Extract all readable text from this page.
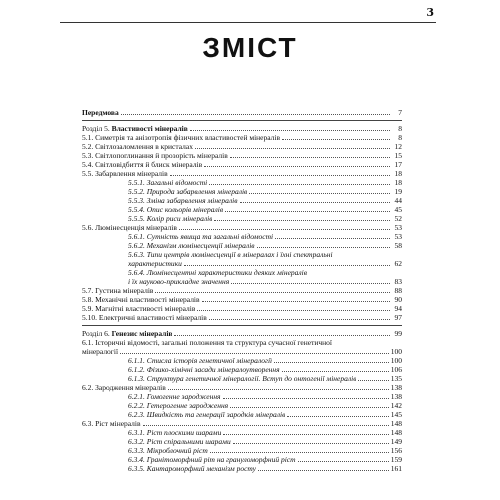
3
ЗМІСТ
Передмова	7
Розділ 5. Властивості мінералів	8
5.1. Симетрія та анізотропія фізичних властивостей мінералів	8
5.2. Світлозаломлення в кристалах	12
5.3. Світлопоглинання й прозорість мінералів	15
5.4. Світловідбиття й блиск мінералів	17
5.5. Забарвлення мінералів	18
5.5.1. Загальні відомості	18
5.5.2. Природа забарвлення мінералів	19
5.5.3. Зміна забарвлення мінералів	44
5.5.4. Опис кольорів мінералів	45
5.5.5. Колір риси мінералів	52
5.6. Люмінесценція мінералів	53
5.6.1. Сутність явища та загальні відомості	53
5.6.2. Механізм люмінесценції мінералів	58
5.6.3. Типи центрів люмінесценції в мінералах і їхні спектральні
характеристики	62
5.6.4. Люмінесцентні характеристики деяких мінералів
і їх науково-прикладне значення	83
5.7. Густина мінералів	88
5.8. Механічні властивості мінералів	90
5.9. Магнітні властивості мінералів	94
5.10. Електричні властивості мінералів	97
Розділ 6. Генезис мінералів	99
6.1. Історичні відомості, загальні положення та структура сучасної генетичної
мінералогії	100
6.1.1. Стисла історія генетичної мінералогії	100
6.1.2. Фізико-хімічні засади мінералоутворення	106
6.1.3. Структура генетичної мінералогії. Вступ до онтогенії мінералів	135
6.2. Зародження мінералів	138
6.2.1. Гомогенне зародження	138
6.2.2. Гетерогенне зародження	142
6.2.3. Швидкість та генерації зародків мінералів	145
6.3. Ріст мінералів	148
6.3.1. Ріст плоскими шарами	148
6.3.2. Ріст спіральними шарами	149
6.3.3. Мікроблочний ріст	156
6.3.4. Гранітоморфний ріт на грануломорфний ріст	159
6.3.5. Кантароморфний механізм росту	161
